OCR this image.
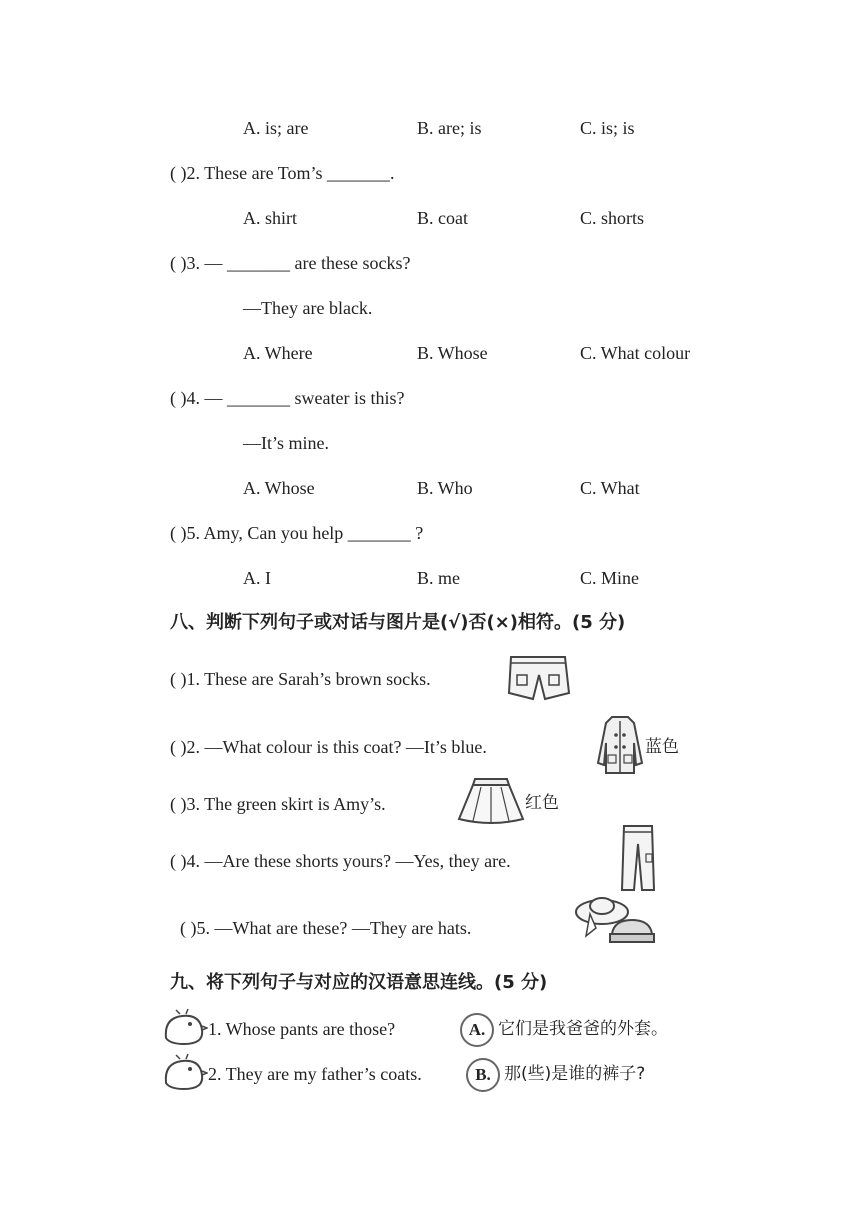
A. is; are	B. are; is	C. is; is
( )2. These are Tom’s _______.
A. shirt	B. coat	C. shorts
( )3. — _______ are these socks?
—They are black.
A. Where	B. Whose	C. What colour
( )4. — _______ sweater is this?
—It’s mine.
A. Whose	B. Who	C. What
( )5. Amy, Can you help _______ ?
A. I	B. me	C. Mine
八、判断下列句子或对话与图片是(√)否(×)相符。(5 分)
( )1. These are Sarah’s brown socks.
( )2. —What colour is this coat? —It’s blue.	蓝色
( )3. The green skirt is Amy’s.	红色
( )4. —Are these shorts yours? —Yes, they are.
( )5. —What are these? —They are hats.
九、将下列句子与对应的汉语意思连线。(5 分)
1. Whose pants are those?	A. 它们是我爸爸的外套。
2. They are my father’s coats.	B. 那(些)是谁的裤子?
